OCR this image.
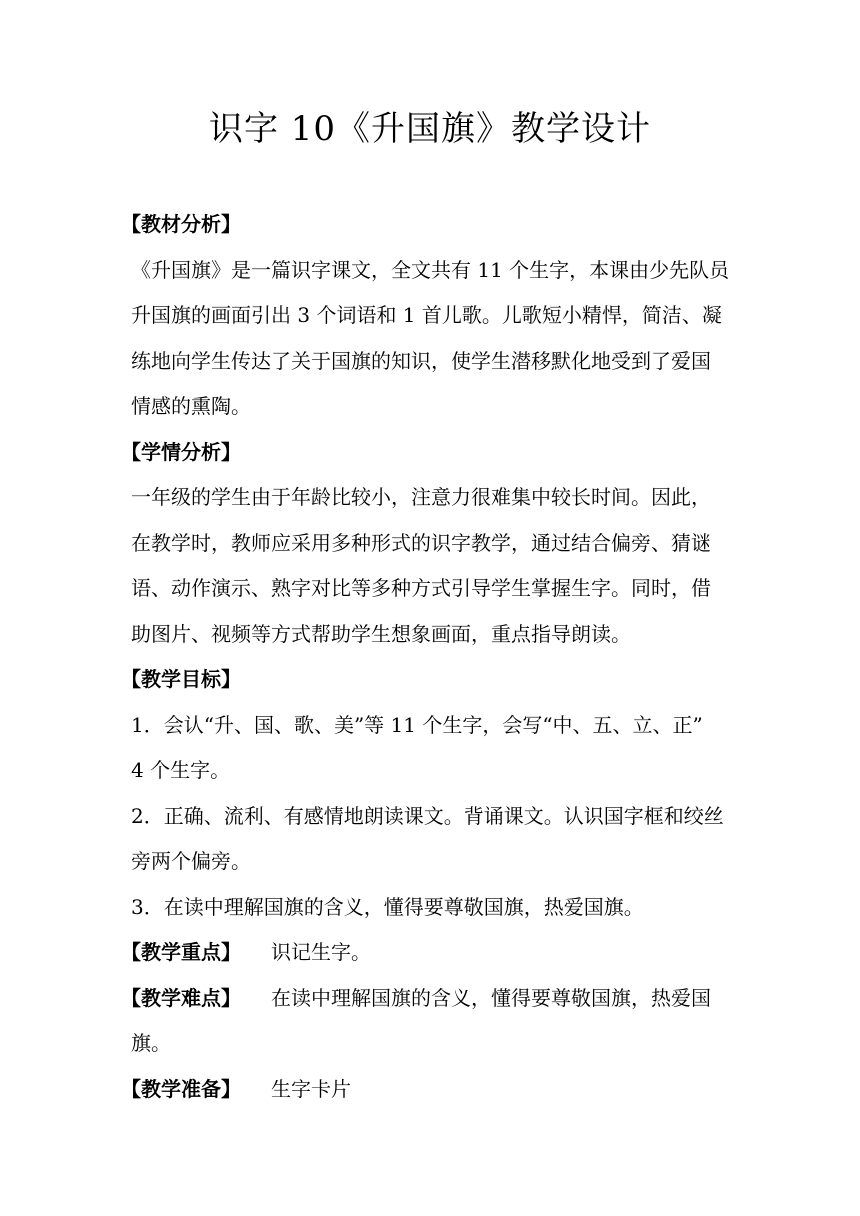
识字 10《升国旗》教学设计
【教材分析】
《升国旗》是一篇识字课文，全文共有 11 个生字，本课由少先队员
升国旗的画面引出 3 个词语和 1 首儿歌。儿歌短小精悍，简洁、凝
练地向学生传达了关于国旗的知识，使学生潜移默化地受到了爱国
情感的熏陶。
【学情分析】
一年级的学生由于年龄比较小，注意力很难集中较长时间。因此，
在教学时，教师应采用多种形式的识字教学，通过结合偏旁、猜谜
语、动作演示、熟字对比等多种方式引导学生掌握生字。同时，借
助图片、视频等方式帮助学生想象画面，重点指导朗读。
【教学目标】
1．会认“升、国、歌、美”等 11 个生字，会写“中、五、立、正”
4 个生字。
2．正确、流利、有感情地朗读课文。背诵课文。认识国字框和绞丝
旁两个偏旁。
3．在读中理解国旗的含义，懂得要尊敬国旗，热爱国旗。
【教学重点】 识记生字。
【教学难点】 在读中理解国旗的含义，懂得要尊敬国旗，热爱国
旗。
【教学准备】 生字卡片
